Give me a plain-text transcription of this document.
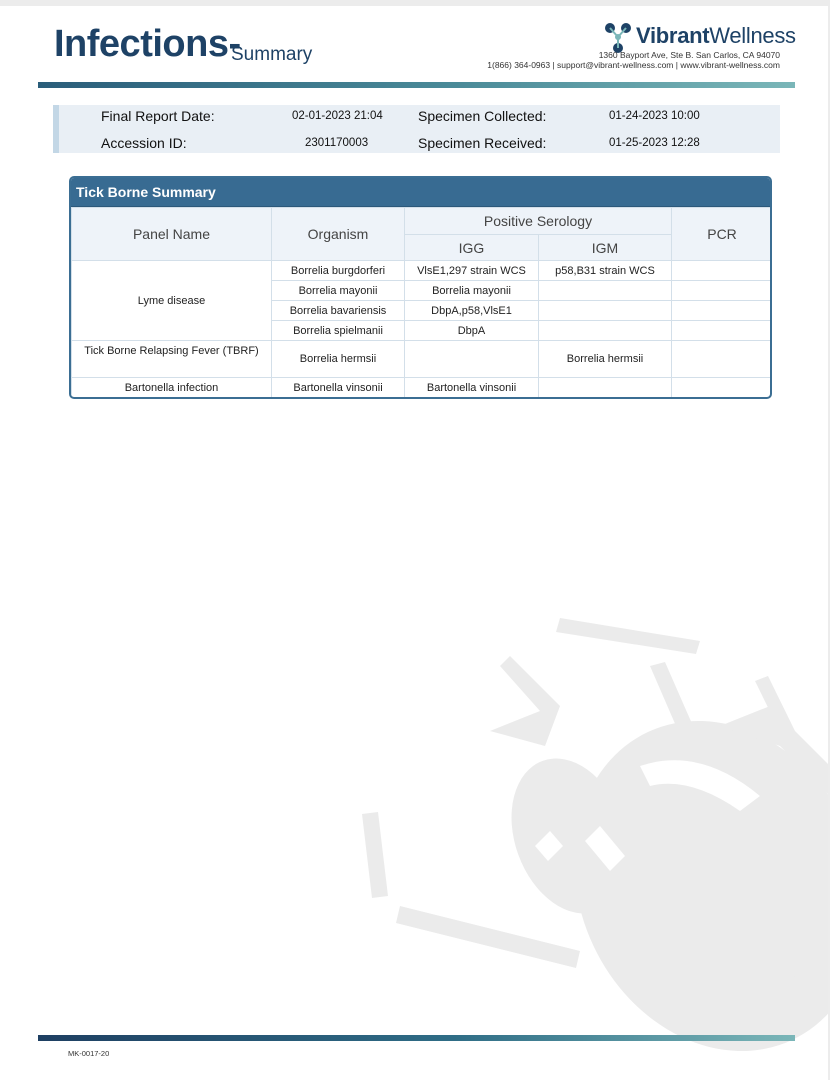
Infections-
Summary
VibrantWellness
1360 Bayport Ave, Ste B. San Carlos, CA 94070
1(866) 364-0963 | support@vibrant-wellness.com | www.vibrant-wellness.com
Final Report Date:	02-01-2023 21:04	Specimen Collected:	01-24-2023 10:00
Accession ID:	2301170003	Specimen Received:	01-25-2023 12:28
Tick Borne Summary
Panel Name	Organism	Positive Serology		PCR
		IGG	IGM	
Lyme disease	Borrelia burgdorferi	VlsE1,297 strain WCS	p58,B31 strain WCS	
	Borrelia mayonii	Borrelia mayonii		
	Borrelia bavariensis	DbpA,p58,VlsE1		
	Borrelia spielmanii	DbpA		
Tick Borne Relapsing Fever (TBRF)	Borrelia hermsii		Borrelia hermsii	
Bartonella infection	Bartonella vinsonii	Bartonella vinsonii		
MK-0017-20
